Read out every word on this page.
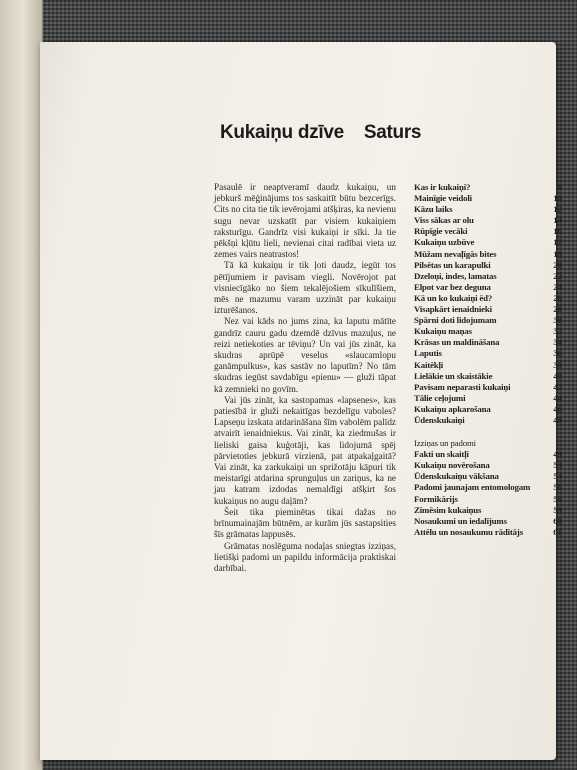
Kukaiņu dzīve Saturs

Pasaulē ir neaptveramī daudz kukaiņu, un jebkurš mēģinājums tos saskaitīt būtu bezcerīgs. Cits no cita tie tik ievērojami atšķiras, ka nevienu sugu nevar uzskatīt par visiem kukaiņiem raksturīgu. Gandrīz visi kukaiņi ir sīki. Ja tie pēkšņi kļūtu lieli, nevienai citai radībai vieta uz zemes vairs neatrastos!

Tā kā kukaiņu ir tik ļoti daudz, iegūt tos pētījumiem ir pavisam viegli. Novērojot pat visniecīgāko no šiem tekalējošiem sīkulīšiem, mēs ne mazumu varam uzzināt par kukaiņu izturēšanos.

Nez vai kāds no jums zina, ka laputu mātīte gandrīz cauru gadu dzemdē dzīvus mazuļus, ne reizi netiekoties ar tēviņu? Un vai jūs zināt, ka skudras aprūpē veselus «slaucamlopu ganāmpulkus», kas sastāv no laputīm? No tām skudras iegūst savdabīgu «pienu» — gluži tāpat kā zemnieki no govīm.

Vai jūs zināt, ka sastopamas «lapsenes», kas patiesībā ir gluži nekaitīgas bezdelīgu vaboles? Lapseņu izskata atdarināšana šīm vabolēm palīdz atvairīt ienaidniekus. Vai zināt, ka ziedmušas ir lieliski gaisa kuģotāji, kas lidojumā spēj pārvietoties jebkurā virzienā, pat atpakaļgaitā? Vai zināt, ka zarkukaiņi un sprižotāju kāpuri tik meistarīgi atdarina sprunguļus un zariņus, ka ne jau katram izdodas nemaldīgi atšķirt šos kukaiņus no augu daļām?

Šeit tika pieminētas tikai dažas no brīnumainajām būtnēm, ar kurām jūs sastapsities šīs grāmatas lappusēs.

Grāmatas noslēguma nodaļas sniegtas izziņas, lietišķi padomi un papildu informācija praktiskai darbībai.

Kas ir kukaiņi?	8
Mainīgie veidoli	10
Kāzu laiks	12
Viss sākas ar olu	14
Rūpīgie vecāki	16
Kukaiņu uzbūve	17
Mūžam nevaļīgās bites	18
Pilsētas un karapulki	20
Dzeloņi, indes, lamatas	22
Elpot var bez deguna	24
Kā un ko kukaiņi ēd?	26
Visapkārt ienaidnieki	28
Spārni doti lidojumam	30
Kukaiņu maņas	32
Krāsas un maldināšana	34
Laputis	36
Kaitēkļi	38
Lielākie un skaistākie	40
Pavisam neparasti kukaiņi	42
Tālie ceļojumi	44
Kukaiņu apkarošana	46
Ūdenskukaiņi	48
Izziņas un padomi
Fakti un skaitļi	49
Kukaiņu novērošana	53
Ūdenskukaiņu vākšana	54
Padomi jaunajam entomologam	56
Formikārijs	58
Zīmēsim kukaiņus	59
Nosaukumi un iedalījums	60
Attēlu un nosaukumu rādītājs	61
